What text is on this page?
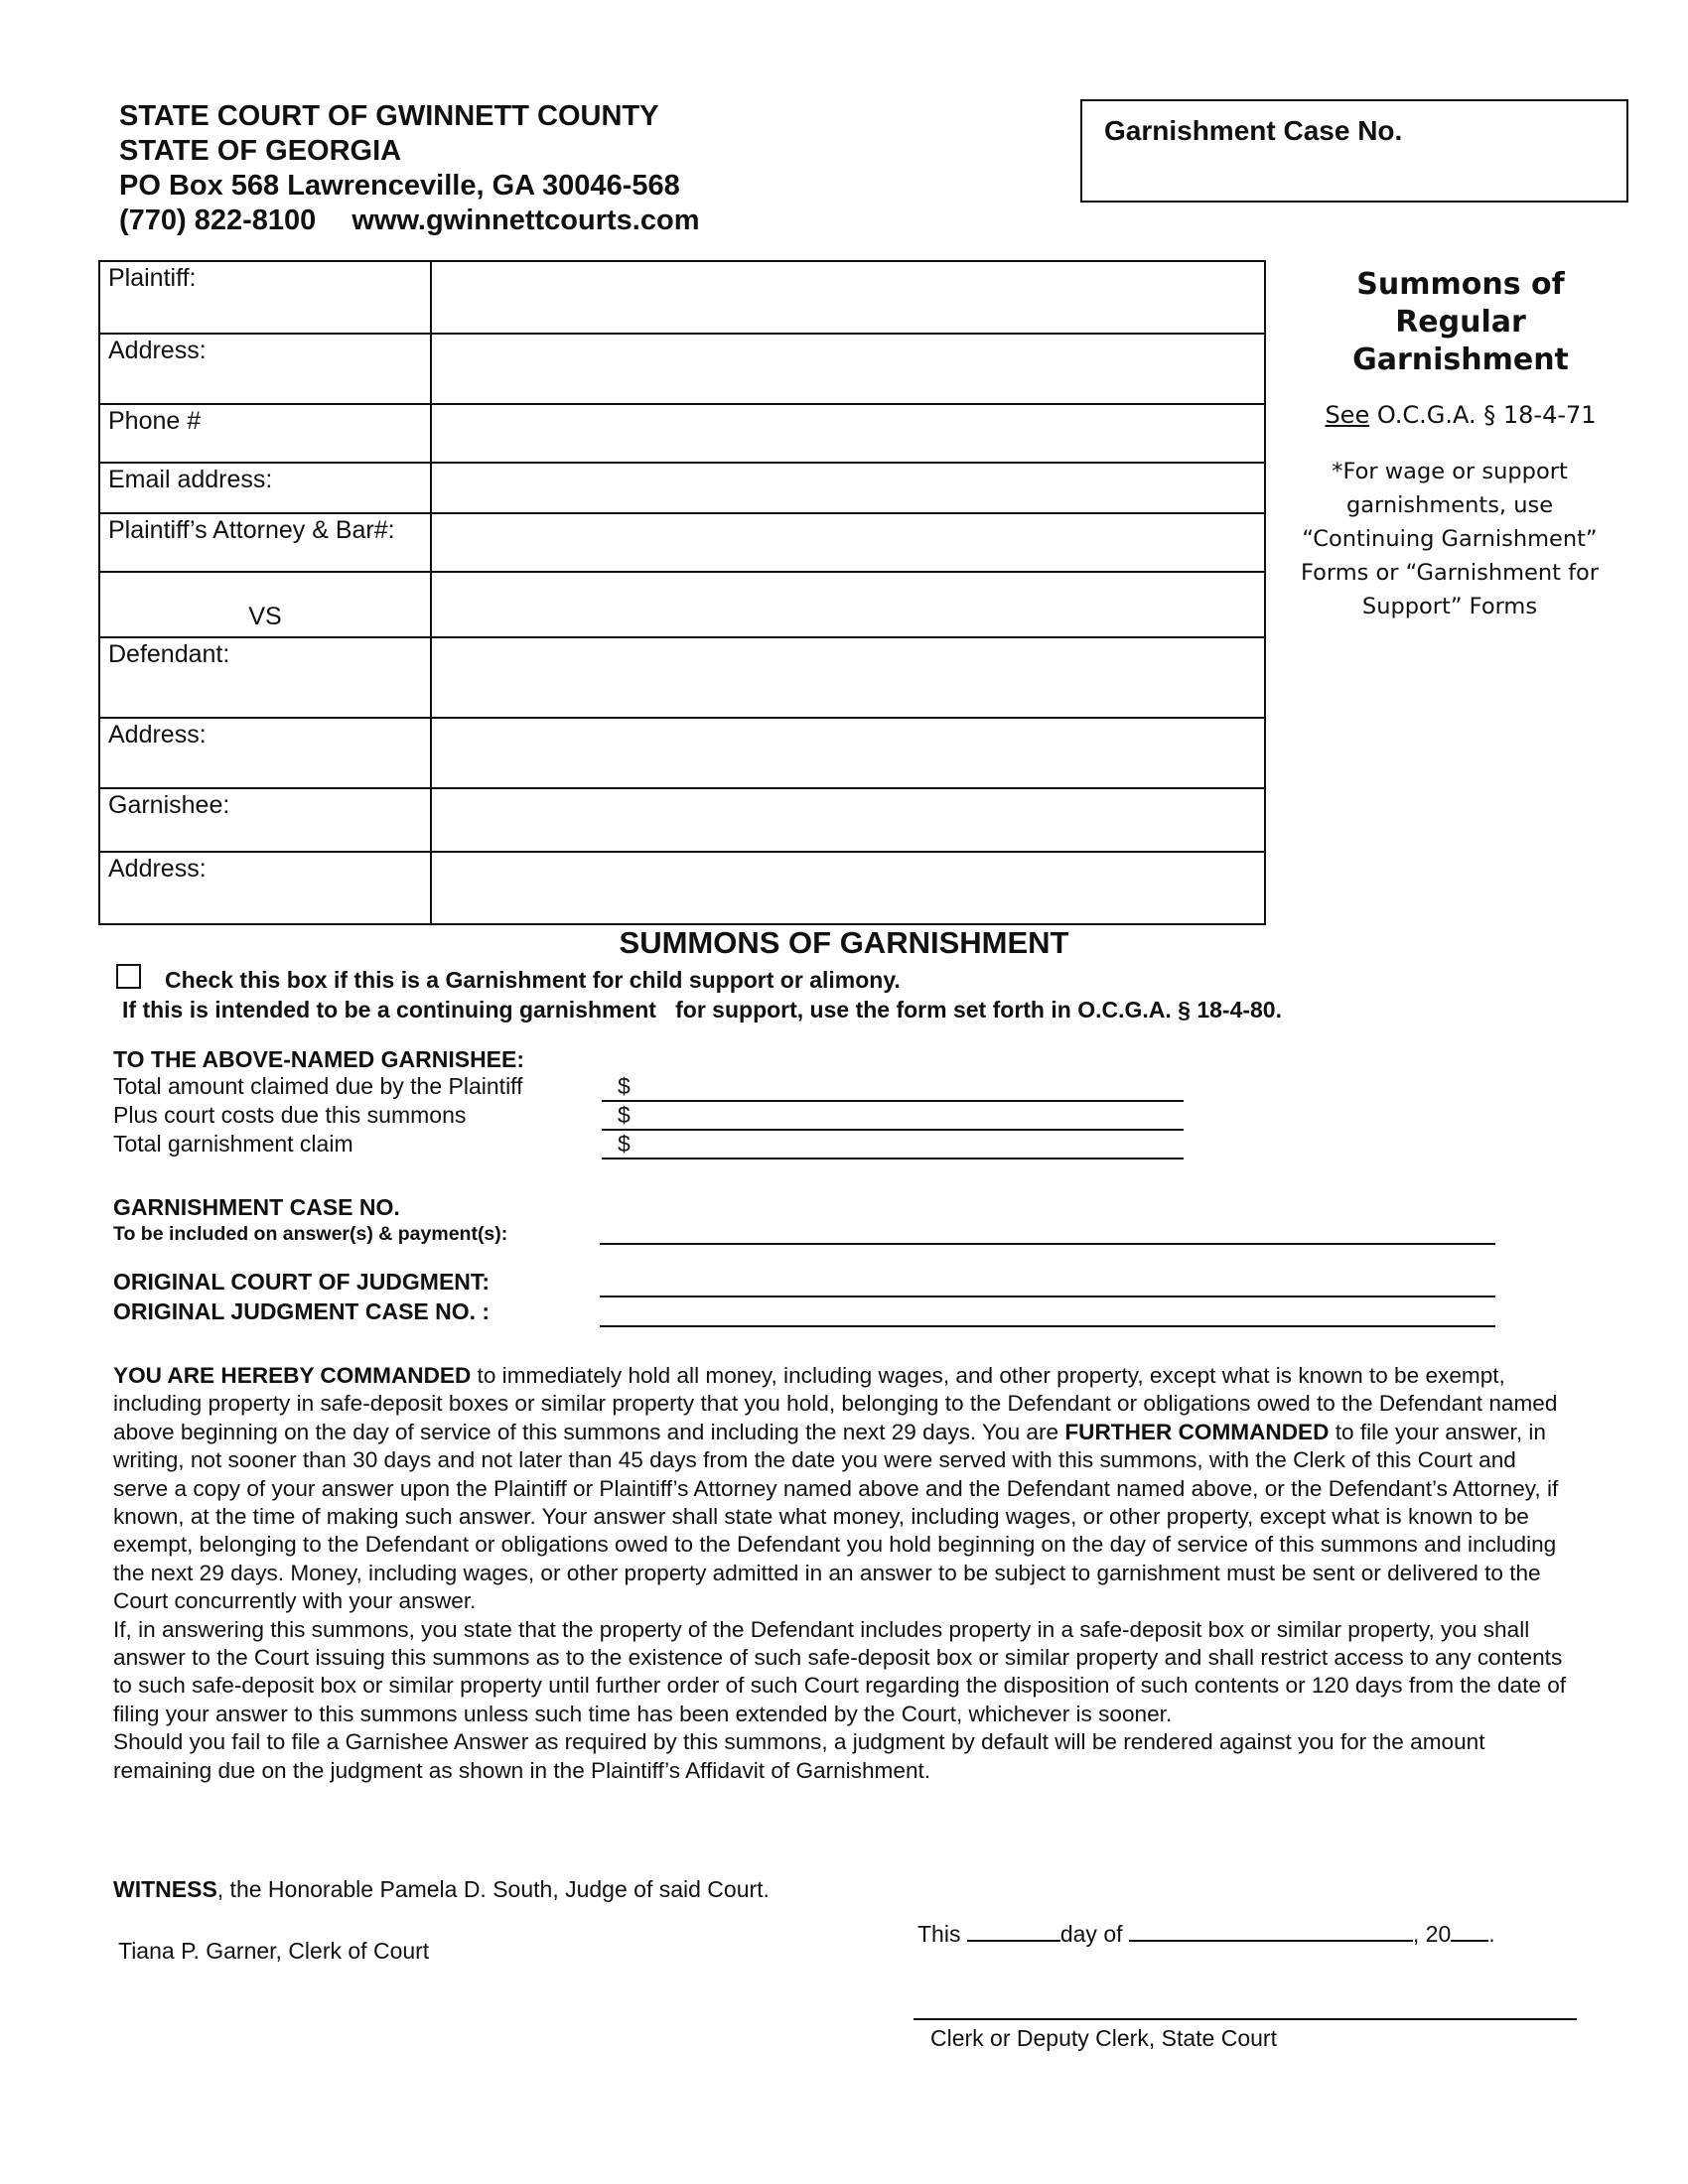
STATE COURT OF GWINNETT COUNTY
STATE OF GEORGIA
PO Box 568 Lawrenceville, GA 30046-568
(770) 822-8100 www.gwinnettcourts.com
Garnishment Case No.
Plaintiff:	
Address:	
Phone #	
Email address:	
Plaintiff’s Attorney & Bar#:	

VS	

Defendant:	
Address:	
Garnishee:	
Address:	
Summons of
Regular
Garnishment
See O.C.G.A. § 18-4-71
*For wage or support
garnishments, use
“Continuing Garnishment”
Forms or “Garnishment for
Support” Forms
SUMMONS OF GARNISHMENT
Check this box if this is a Garnishment for child support or alimony.
If this is intended to be a continuing garnishment   for support, use the form set forth in O.C.G.A. § 18-4-80.
TO THE ABOVE-NAMED GARNISHEE:
Total amount claimed due by the Plaintiff	$
Plus court costs due this summons	$
Total garnishment claim	$
GARNISHMENT CASE NO.
To be included on answer(s) & payment(s):
ORIGINAL COURT OF JUDGMENT:
ORIGINAL JUDGMENT CASE NO. :

YOU ARE HEREBY COMMANDED to immediately hold all money, including wages, and other property, except what is known to be exempt, including property in safe-deposit boxes or similar property that you hold, belonging to the Defendant or obligations owed to the Defendant named above beginning on the day of service of this summons and including the next 29 days. You are FURTHER COMMANDED to file your answer, in writing, not sooner than 30 days and not later than 45 days from the date you were served with this summons, with the Clerk of this Court and serve a copy of your answer upon the Plaintiff or Plaintiff’s Attorney named above and the Defendant named above, or the Defendant’s Attorney, if known, at the time of making such answer. Your answer shall state what money, including wages, or other property, except what is known to be exempt, belonging to the Defendant or obligations owed to the Defendant you hold beginning on the day of service of this summons and including the next 29 days. Money, including wages, or other property admitted in an answer to be subject to garnishment must be sent or delivered to the Court concurrently with your answer.

If, in answering this summons, you state that the property of the Defendant includes property in a safe-deposit box or similar property, you shall answer to the Court issuing this summons as to the existence of such safe-deposit box or similar property and shall restrict access to any contents to such safe-deposit box or similar property until further order of such Court regarding the disposition of such contents or 120 days from the date of filing your answer to this summons unless such time has been extended by the Court, whichever is sooner.

Should you fail to file a Garnishee Answer as required by this summons, a judgment by default will be rendered against you for the amount remaining due on the judgment as shown in the Plaintiff’s Affidavit of Garnishment.

WITNESS, the Honorable Pamela D. South, Judge of said Court.
This	day of	, 20 .
Tiana P. Garner, Clerk of Court
Clerk or Deputy Clerk, State Court
